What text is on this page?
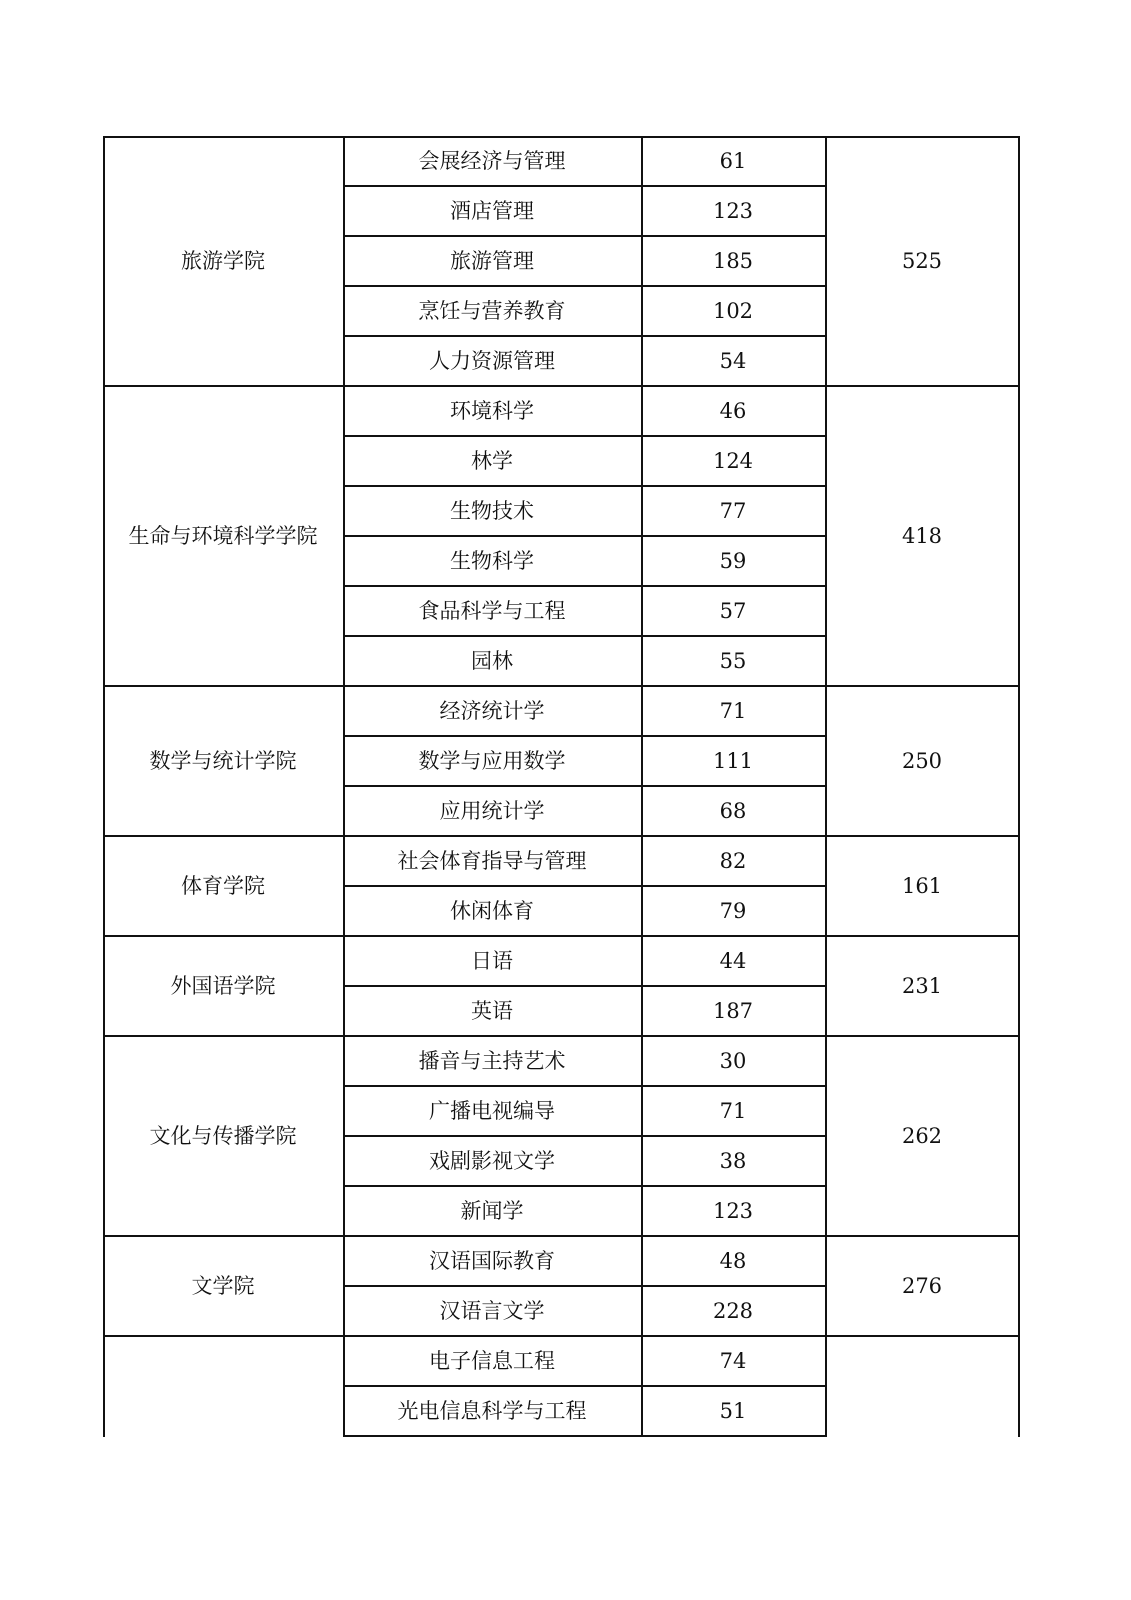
旅游学院	525
会展经济与管理	61
酒店管理	123
旅游管理	185
烹饪与营养教育	102
人力资源管理	54
生命与环境科学学院	418
环境科学	46
林学	124
生物技术	77
生物科学	59
食品科学与工程	57
园林	55
数学与统计学院	250
经济统计学	71
数学与应用数学	111
应用统计学	68
体育学院	161
社会体育指导与管理	82
休闲体育	79
外国语学院	231
日语	44
英语	187
文化与传播学院	262
播音与主持艺术	30
广播电视编导	71
戏剧影视文学	38
新闻学	123
文学院	276
汉语国际教育	48
汉语言文学	228
电子信息工程	74
光电信息科学与工程	51
